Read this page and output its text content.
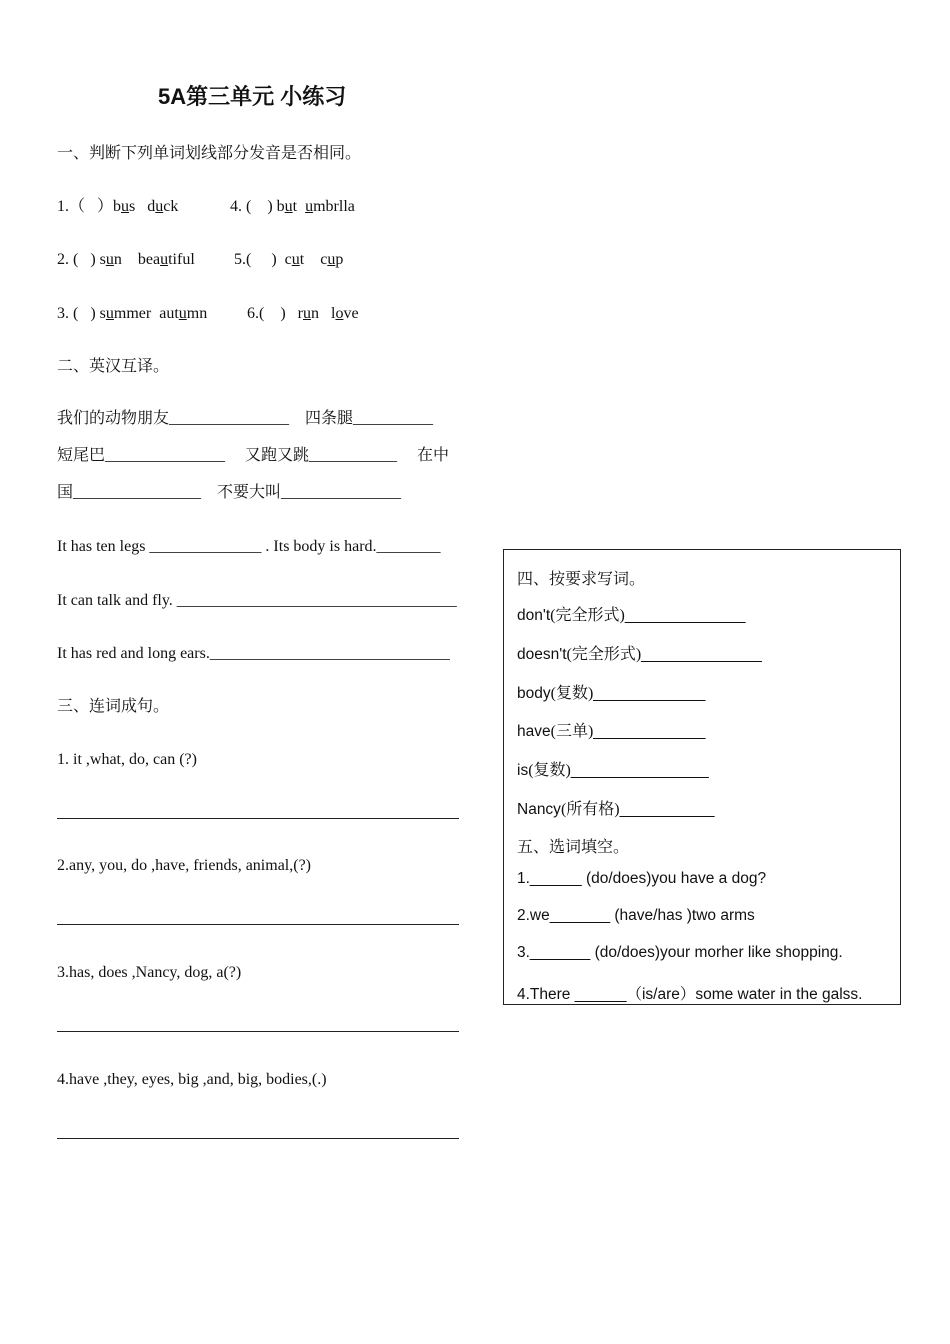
5A第三单元 小练习
一、判断下列单词划线部分发音是否相同。
1.（   ）bus   duck	4. (    ) but  umbrlla
2. (   ) sun    beautiful 5.(     )  cut    cup
3. (   ) summer  autumn 6.(    )   run   love
二、英汉互译。
我们的动物朋友_______________    四条腿__________
短尾巴_______________     又跑又跳___________     在中
国________________    不要大叫_______________
It has ten legs ______________ . Its body is hard.________
It can talk and fly. ___________________________________
It has red and long ears.______________________________
三、连词成句。
1. it ,what, do, can (?)
2.any, you, do ,have, friends, animal,(?)
3.has, does ,Nancy, dog, a(?)
4.have ,they, eyes, big ,and, big, bodies,(.)
四、按要求写词。
don't(完全形式)______________
doesn't(完全形式)______________
body(复数)_____________
have(三单)_____________
is(复数)________________
Nancy(所有格)___________
五、选词填空。
1.______ (do/does)you have a dog?
2.we_______ (have/has )two arms
3._______ (do/does)your morher like shopping.
4.There ______（is/are）some water in the galss.
